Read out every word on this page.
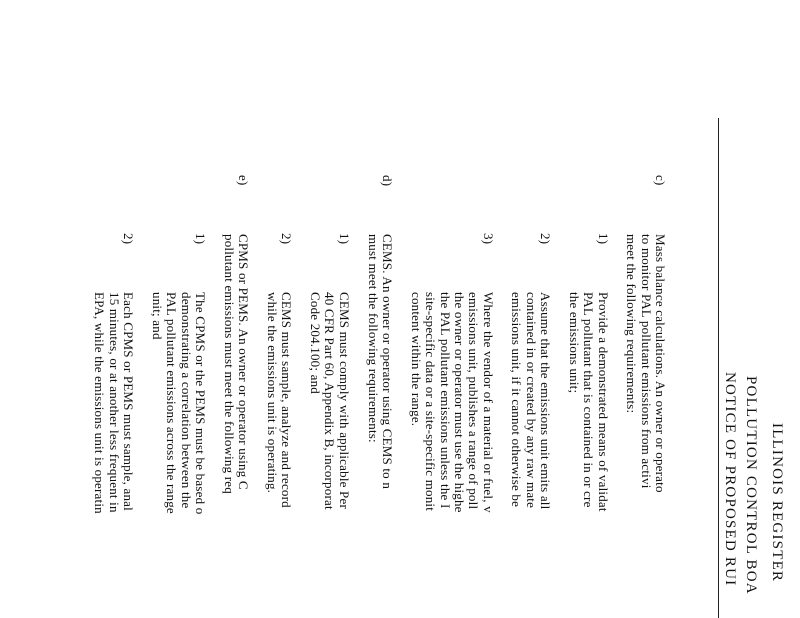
ILLINOIS REGISTER
POLLUTION CONTROL BOA
NOTICE OF PROPOSED RUI
c)
Mass balance calculations. An owner or operato
to monitor PAL pollutant emissions from activi
meet the following requirements:
1)
Provide a demonstrated means of validat
PAL pollutant that is contained in or cre
the emissions unit;
2)
Assume that the emissions unit emits all
contained in or created by any raw mate
emissions unit, if it cannot otherwise be
3)
Where the vendor of a material or fuel, v
emissions unit, publishes a range of poll
the owner or operator must use the highe
the PAL pollutant emissions unless the I
site-specific data or a site-specific monit
content within the range.
d)
CEMS. An owner or operator using CEMS to n
must meet the following requirements:
1)
CEMS must comply with applicable Per
40 CFR Part 60, Appendix B, incorporat
Code 204.100; and
2)
CEMS must sample, analyze and record
while the emissions unit is operating.
e)
CPMS or PEMS. An owner or operator using C
pollutant emissions must meet the following req
1)
The CPMS or the PEMS must be based o
demonstrating a correlation between the
PAL pollutant emissions across the range
unit; and
2)
Each CPMS or PEMS must sample, anal
15 minutes, or at another less frequent in
EPA, while the emissions unit is operatin
